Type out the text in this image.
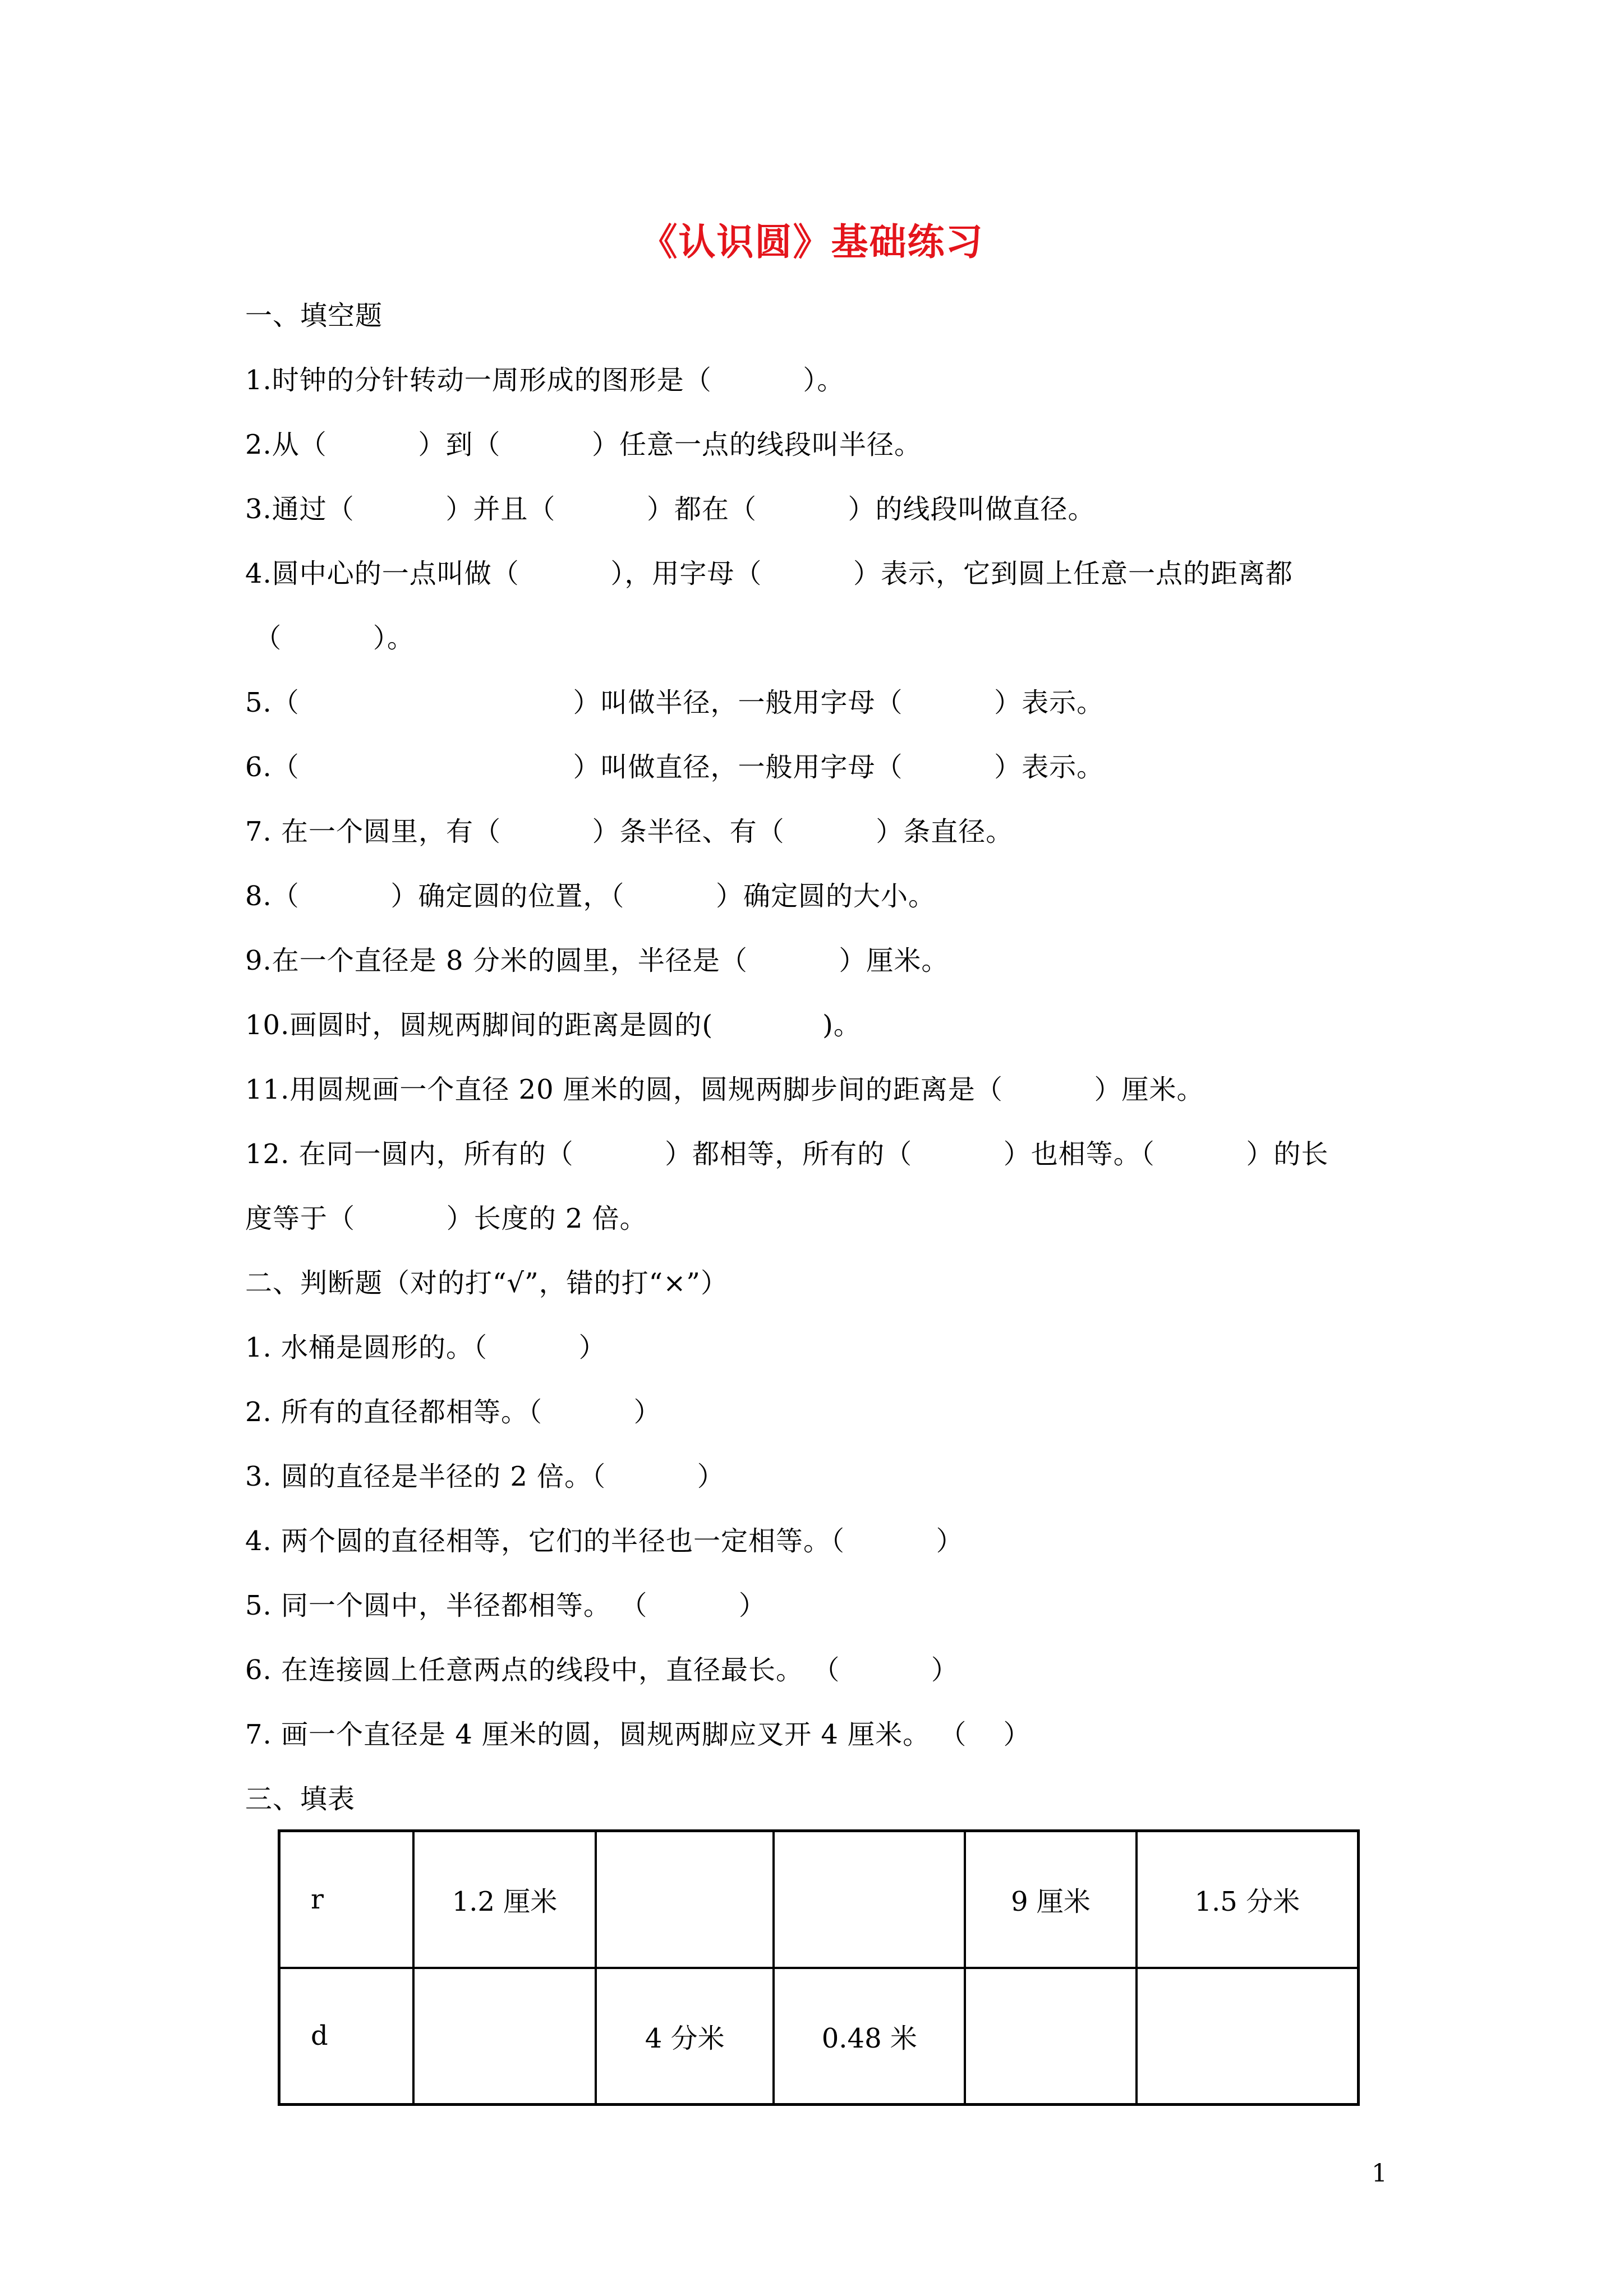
《认识圆》基础练习
一、填空题
1.时钟的分针转动一周形成的图形是（          ）。
2.从（          ）到（          ）任意一点的线段叫半径。
3.通过（          ）并且（          ）都在（          ）的线段叫做直径。
4.圆中心的一点叫做（          ），用字母（          ）表示，它到圆上任意一点的距离都
（          ）。
5.（                              ）叫做半径，一般用字母（          ）表示。
6.（                              ）叫做直径，一般用字母（          ）表示。
7. 在一个圆里，有（          ）条半径、有（          ）条直径。
8.（          ）确定圆的位置，（          ）确定圆的大小。
9.在一个直径是 8 分米的圆里，半径是（          ）厘米。
10.画圆时，圆规两脚间的距离是圆的(            )。
11.用圆规画一个直径 20 厘米的圆，圆规两脚步间的距离是（          ）厘米。
12. 在同一圆内，所有的（          ）都相等，所有的（          ）也相等。（          ）的长
度等于（          ）长度的 2 倍。
二、判断题（对的打“√”，错的打“×”）
1. 水桶是圆形的。（          ）
2. 所有的直径都相等。（          ）
3. 圆的直径是半径的 2 倍。（          ）
4. 两个圆的直径相等，它们的半径也一定相等。（          ）
5. 同一个圆中，半径都相等。 （          ）
6. 在连接圆上任意两点的线段中，直径最长。 （          ）
7. 画一个直径是 4 厘米的圆，圆规两脚应叉开 4 厘米。 （    ）
三、填表
r	1.2 厘米			9 厘米	1.5 分米
d		4 分米	0.48 米		
1
